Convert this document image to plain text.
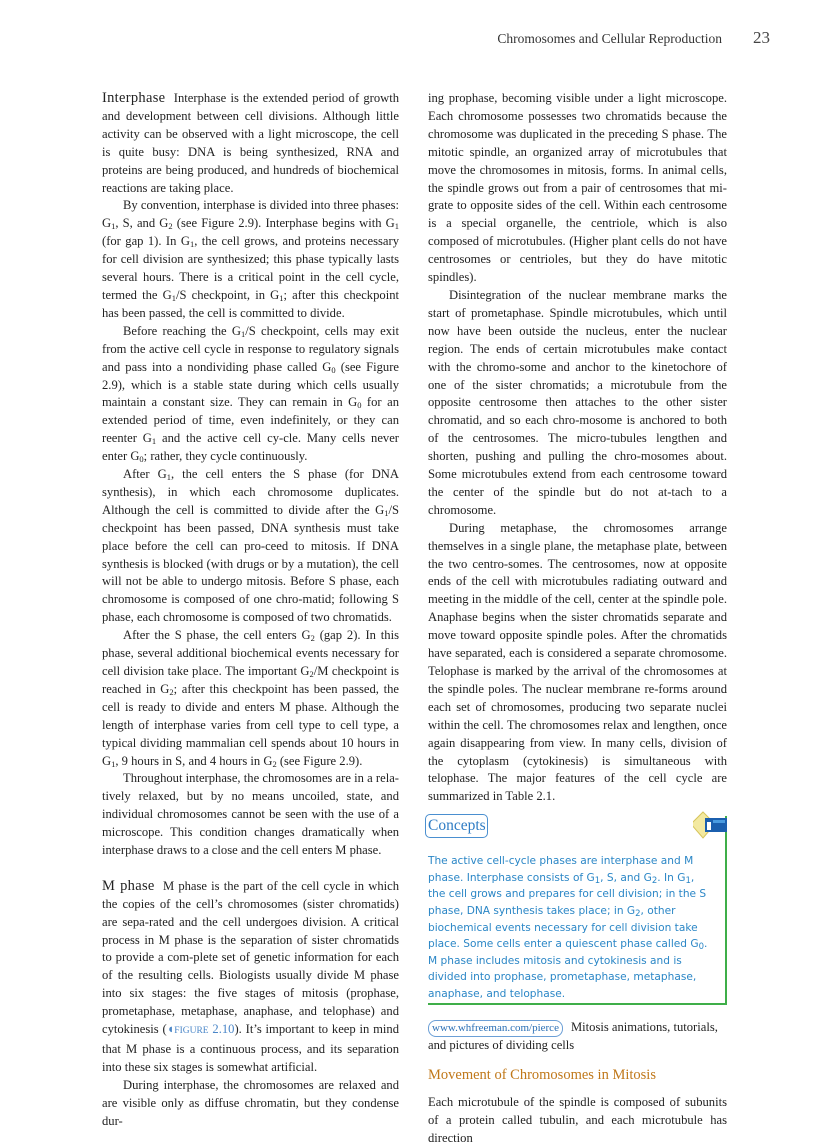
Chromosomes and Cellular Reproduction 23

Interphase Interphase is the extended period of growth and development between cell divisions. Although little activity can be observed with a light microscope, the cell is quite busy: DNA is being synthesized, RNA and proteins are being produced, and hundreds of biochemical reactions are taking place.

By convention, interphase is divided into three phases: $G_1$, S, and $G_2$ (see Figure 2.9). Interphase begins with $G_1$ (for gap 1). In $G_1$, the cell grows, and proteins necessary for cell division are synthesized; this phase typically lasts several hours. There is a critical point in the cell cycle, termed the $G_1/S$ checkpoint, in $G_1$; after this checkpoint has been passed, the cell is committed to divide.

Before reaching the $G_1/S$ checkpoint, cells may exit from the active cell cycle in response to regulatory signals and pass into a nondividing phase called $G_0$ (see Figure 2.9), which is a stable state during which cells usually maintain a constant size. They can remain in $G_0$ for an extended period of time, even indefinitely, or they can reenter $G_1$ and the active cell cy-cle. Many cells never enter $G_0$; rather, they cycle continuously.

After $G_1$, the cell enters the S phase (for DNA synthesis), in which each chromosome duplicates. Although the cell is committed to divide after the $G_1/S$ checkpoint has been passed, DNA synthesis must take place before the cell can pro-ceed to mitosis. If DNA synthesis is blocked (with drugs or by a mutation), the cell will not be able to undergo mitosis. Before S phase, each chromosome is composed of one chro-matid; following S phase, each chromosome is composed of two chromatids.

After the S phase, the cell enters $G_2$ (gap 2). In this phase, several additional biochemical events necessary for cell division take place. The important $G_2/M$ checkpoint is reached in $G_2$; after this checkpoint has been passed, the cell is ready to divide and enters M phase. Although the length of interphase varies from cell type to cell type, a typical dividing mammalian cell spends about 10 hours in $G_1$, 9 hours in S, and 4 hours in $G_2$ (see Figure 2.9).

Throughout interphase, the chromosomes are in a rela-tively relaxed, but by no means uncoiled, state, and individual chromosomes cannot be seen with the use of a microscope. This condition changes dramatically when interphase draws to a close and the cell enters M phase.

M phase M phase is the part of the cell cycle in which the copies of the cell’s chromosomes (sister chromatids) are sepa-rated and the cell undergoes division. A critical process in M phase is the separation of sister chromatids to provide a com-plete set of genetic information for each of the resulting cells. Biologists usually divide M phase into six stages: the five stages of mitosis (prophase, prometaphase, metaphase, anaphase, and telophase) and cytokinesis (◖FIGURE 2.10). It’s important to keep in mind that M phase is a continuous process, and its separation into these six stages is somewhat artificial.

During interphase, the chromosomes are relaxed and are visible only as diffuse chromatin, but they condense dur-

ing prophase, becoming visible under a light microscope. Each chromosome possesses two chromatids because the chromosome was duplicated in the preceding S phase. The mitotic spindle, an organized array of microtubules that move the chromosomes in mitosis, forms. In animal cells, the spindle grows out from a pair of centrosomes that mi-grate to opposite sides of the cell. Within each centrosome is a special organelle, the centriole, which is also composed of microtubules. (Higher plant cells do not have centrosomes or centrioles, but they do have mitotic spindles).

Disintegration of the nuclear membrane marks the start of prometaphase. Spindle microtubules, which until now have been outside the nucleus, enter the nuclear region. The ends of certain microtubules make contact with the chromo-some and anchor to the kinetochore of one of the sister chromatids; a microtubule from the opposite centrosome then attaches to the other sister chromatid, and so each chro-mosome is anchored to both of the centrosomes. The micro-tubules lengthen and shorten, pushing and pulling the chro-mosomes about. Some microtubules extend from each centrosome toward the center of the spindle but do not at-tach to a chromosome.

During metaphase, the chromosomes arrange themselves in a single plane, the metaphase plate, between the two centro-somes. The centrosomes, now at opposite ends of the cell with microtubules radiating outward and meeting in the middle of the cell, center at the spindle pole. Anaphase begins when the sister chromatids separate and move toward opposite spindle poles. After the chromatids have separated, each is considered a separate chromosome. Telophase is marked by the arrival of the chromosomes at the spindle poles. The nuclear membrane re-forms around each set of chromosomes, producing two separate nuclei within the cell. The chromosomes relax and lengthen, once again disappearing from view. In many cells, division of the cytoplasm (cytokinesis) is simultaneous with telophase. The major features of the cell cycle are summarized in Table 2.1.

Concepts

The active cell-cycle phases are interphase and M phase. Interphase consists of $G_1$, S, and $G_2$. In $G_1$, the cell grows and prepares for cell division; in the S phase, DNA synthesis takes place; in $G_2$, other biochemical events necessary for cell division take place. Some cells enter a quiescent phase called $G_0$. M phase includes mitosis and cytokinesis and is divided into prophase, prometaphase, metaphase, anaphase, and telophase.

www.whfreeman.com/pierce Mitosis animations, tutorials, and pictures of dividing cells

Movement of Chromosomes in Mitosis

Each microtubule of the spindle is composed of subunits of a protein called tubulin, and each microtubule has direction
